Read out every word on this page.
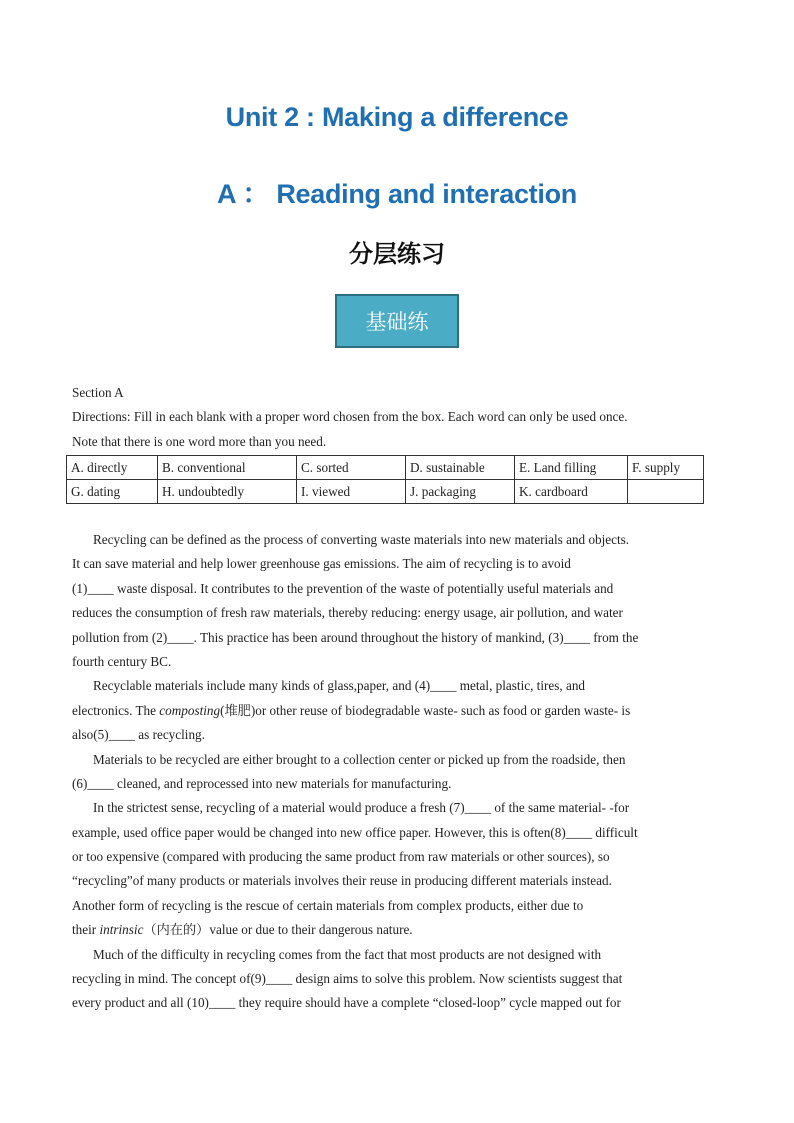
Unit 2 : Making a difference
A ： Reading and interaction
分层练习
基础练
Section A
Directions: Fill in each blank with a proper word chosen from the box. Each word can only be used once.
Note that there is one word more than you need.
A. directly	B. conventional	C. sorted	D. sustainable	E. Land filling	F. supply
G. dating	H. undoubtedly	I. viewed	J. packaging	K. cardboard	
Recycling can be defined as the process of converting waste materials into new materials and objects.
It can save material and help lower greenhouse gas emissions. The aim of recycling is to avoid
(1)____ waste disposal. It contributes to the prevention of the waste of potentially useful materials and
reduces the consumption of fresh raw materials, thereby reducing: energy usage, air pollution, and water
pollution from (2)____. This practice has been around throughout the history of mankind, (3)____ from the
fourth century BC.
Recyclable materials include many kinds of glass,paper, and (4)____ metal, plastic, tires, and
electronics. The composting(堆肥)or other reuse of biodegradable waste- such as food or garden waste- is
also(5)____ as recycling.
Materials to be recycled are either brought to a collection center or picked up from the roadside, then
(6)____ cleaned, and reprocessed into new materials for manufacturing.
In the strictest sense, recycling of a material would produce a fresh (7)____ of the same material- -for
example, used office paper would be changed into new office paper. However, this is often(8)____ difficult
or too expensive (compared with producing the same product from raw materials or other sources), so
“recycling”of many products or materials involves their reuse in producing different materials instead.
Another form of recycling is the rescue of certain materials from complex products, either due to
their intrinsic（内在的）value or due to their dangerous nature.
Much of the difficulty in recycling comes from the fact that most products are not designed with
recycling in mind. The concept of(9)____ design aims to solve this problem. Now scientists suggest that
every product and all (10)____ they require should have a complete “closed-loop” cycle mapped out for
